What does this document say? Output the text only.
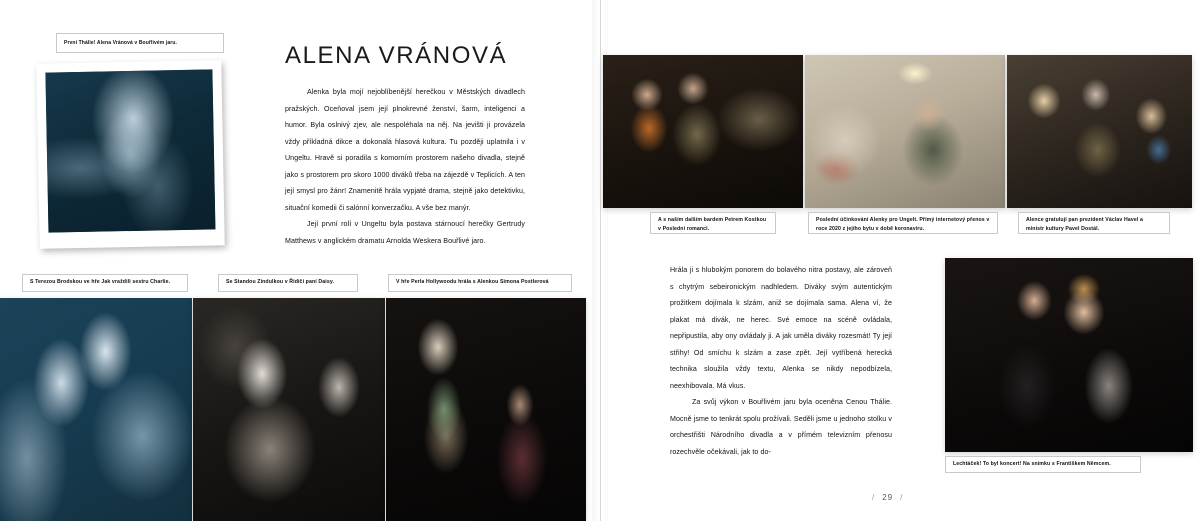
První Thálie! Alena Vránová v Bouřlivém jaru.	ALENA VRÁNOVÁ

Alenka byla mojí nejoblíbenější herečkou v Městských divadlech pražských. Oceňoval jsem její plnokrevné ženství, šarm, inteligenci a humor. Byla oslnivý zjev, ale nespoléhala na něj. Na jevišti ji provázela vždy příkladná dikce a dokonalá hlasová kultura. Tu později uplatnila i v Ungeltu. Hravě si poradila s komorním prostorem našeho divadla, stejně jako s prostorem pro skoro 1000 diváků třeba na zájezdě v Teplicích. A ten její smysl pro žánr! Znamenitě hrála vypjaté drama, stejně jako detektivku, situační komedii či salónní konverzačku. A vše bez manýr.

Její první rolí v Ungeltu byla postava stárnoucí herečky Gertrudy Matthews v anglickém dramatu Arnolda Weskera Bouřlivé jaro.

S Terezou Brodskou ve hře Jak vraždili sestru Charlie.	Se Standou Zindulkou v Řidiči paní Daisy.	V hře Perla Hollywoodu hrála s Alenkou Simona Postlerová
A s naším dalším bardem Petrem Kostkou v Poslední romanci.
Poslední účinkování Alenky pro Ungelt. Přímý internetový přenos v roce 2020 z jejího bytu v době koronaviru.
Alence gratulují pan prezident Václav Havel a ministr kultury Pavel Dostál.

Hrála ji s hlubokým ponorem do bolavého nitra postavy, ale zároveň s chytrým sebeironickým nadhledem. Diváky svým autentickým prožitkem dojímala k slzám, aniž se dojímala sama. Alena ví, že plakat má divák, ne herec. Své emoce na scéně ovládala, nepřipustila, aby ony ovládaly ji. A jak uměla diváky rozesmát! Ty její střihy! Od smíchu k slzám a zase zpět. Její vytříbená herecká technika sloužila vždy textu, Alenka se nikdy nepodbízela, neexhibovala. Má vkus.

Za svůj výkon v Bouřlivém jaru byla oceněna Cenou Thálie. Mocně jsme to tenkrát spolu prožívali. Seděli jsme u jednoho stolku v orchestřišti Národního divadla a v přímém televizním přenosu rozechvěle očekávali, jak to do-

Lechtáček! To byl koncert! Na snímku s Františkem Němcem.
/ 29 /
